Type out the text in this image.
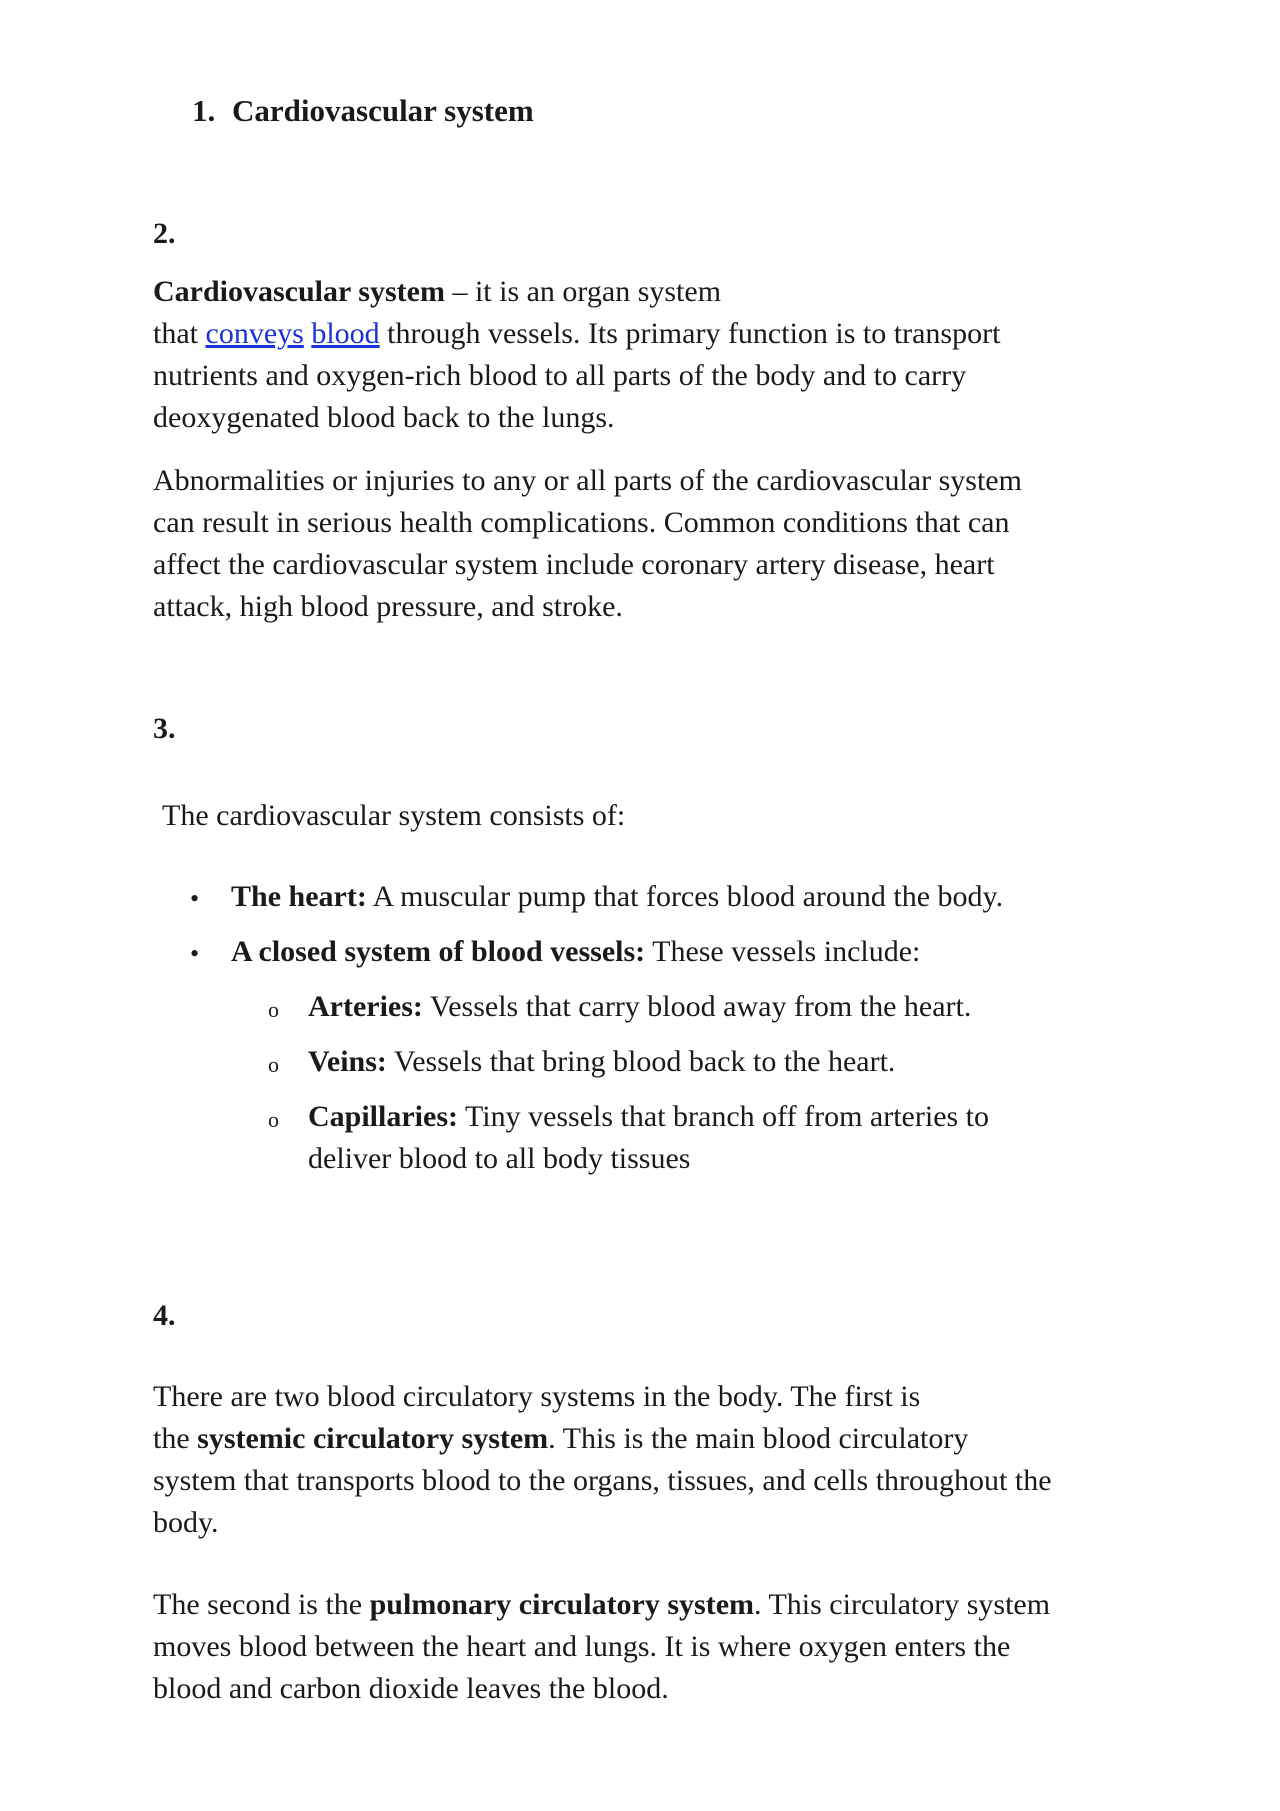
1. Cardiovascular system
2.

Cardiovascular system – it is an organ system

that conveys blood through vessels. Its primary function is to transport

nutrients and oxygen-rich blood to all parts of the body and to carry

deoxygenated blood back to the lungs.

Abnormalities or injuries to any or all parts of the cardiovascular system

can result in serious health complications. Common conditions that can

affect the cardiovascular system include coronary artery disease, heart

attack, high blood pressure, and stroke.

3.
The cardiovascular system consists of:
• The heart: A muscular pump that forces blood around the body.
• A closed system of blood vessels: These vessels include:
o Arteries: Vessels that carry blood away from the heart.
o Veins: Vessels that bring blood back to the heart.
o Capillaries: Tiny vessels that branch off from arteries to
deliver blood to all body tissues
4.

There are two blood circulatory systems in the body. The first is

the systemic circulatory system. This is the main blood circulatory

system that transports blood to the organs, tissues, and cells throughout the

body.

The second is the pulmonary circulatory system. This circulatory system

moves blood between the heart and lungs. It is where oxygen enters the

blood and carbon dioxide leaves the blood.
